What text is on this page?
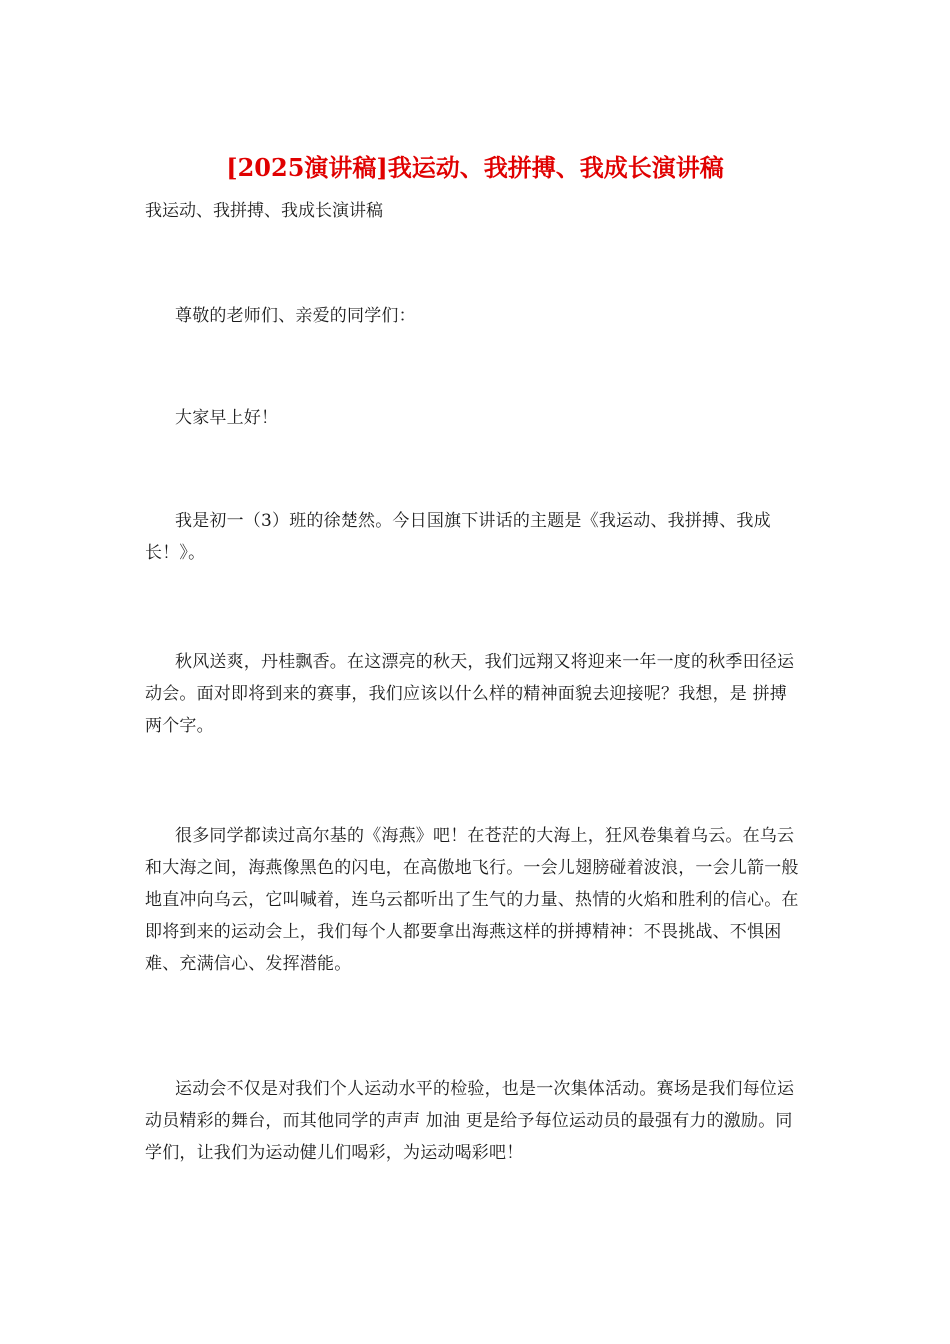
[2025演讲稿]我运动、我拼搏、我成长演讲稿

我运动、我拼搏、我成长演讲稿

尊敬的老师们、亲爱的同学们：

大家早上好！

我是初一（3）班的徐楚然。今日国旗下讲话的主题是《我运动、我拼搏、我成长！》。

秋风送爽，丹桂飘香。在这漂亮的秋天，我们远翔又将迎来一年一度的秋季田径运动会。面对即将到来的赛事，我们应该以什么样的精神面貌去迎接呢？我想，是 拼搏 两个字。

很多同学都读过高尔基的《海燕》吧！在苍茫的大海上，狂风卷集着乌云。在乌云和大海之间，海燕像黑色的闪电，在高傲地飞行。一会儿翅膀碰着波浪，一会儿箭一般地直冲向乌云，它叫喊着，连乌云都听出了生气的力量、热情的火焰和胜利的信心。在即将到来的运动会上，我们每个人都要拿出海燕这样的拼搏精神：不畏挑战、不惧困难、充满信心、发挥潜能。

运动会不仅是对我们个人运动水平的检验，也是一次集体活动。赛场是我们每位运动员精彩的舞台，而其他同学的声声 加油 更是给予每位运动员的最强有力的激励。同学们，让我们为运动健儿们喝彩，为运动喝彩吧！
